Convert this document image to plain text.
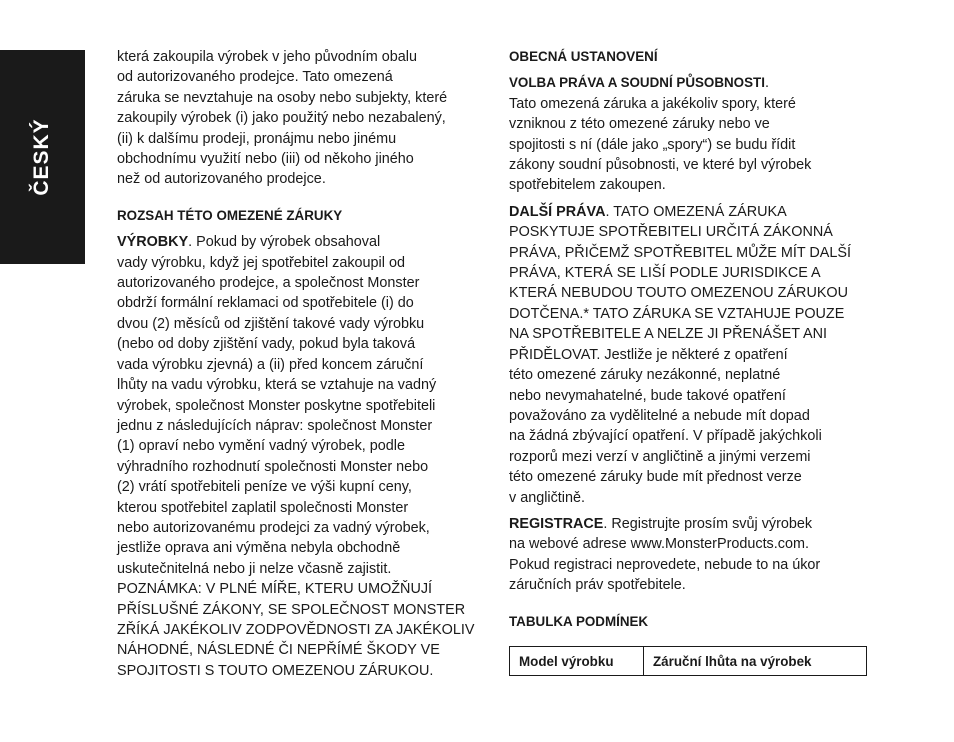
ČESKÝ

která zakoupila výrobek v jeho původním obalu
od autorizovaného prodejce. Tato omezená
záruka se nevztahuje na osoby nebo subjekty, které
zakoupily výrobek (i) jako použitý nebo nezabalený,
(ii) k dalšímu prodeji, pronájmu nebo jinému
obchodnímu využití nebo (iii) od někoho jiného
než od autorizovaného prodejce.

ROZSAH TÉTO OMEZENÉ ZÁRUKY

VÝROBKY. Pokud by výrobek obsahoval
vady výrobku, když jej spotřebitel zakoupil od
autorizovaného prodejce, a společnost Monster
obdrží formální reklamaci od spotřebitele (i) do
dvou (2) měsíců od zjištění takové vady výrobku
(nebo od doby zjištění vady, pokud byla taková
vada výrobku zjevná) a (ii) před koncem záruční
lhůty na vadu výrobku, která se vztahuje na vadný
výrobek, společnost Monster poskytne spotřebiteli
jednu z následujících náprav: společnost Monster
(1) opraví nebo vymění vadný výrobek, podle
výhradního rozhodnutí společnosti Monster nebo
(2) vrátí spotřebiteli peníze ve výši kupní ceny,
kterou spotřebitel zaplatil společnosti Monster
nebo autorizovanému prodejci za vadný výrobek,
jestliže oprava ani výměna nebyla obchodně
uskutečnitelná nebo ji nelze včasně zajistit.
POZNÁMKA: V PLNÉ MÍŘE, KTERU UMOŽŇUJÍ
PŘÍSLUŠNÉ ZÁKONY, SE SPOLEČNOST MONSTER
ZŘÍKÁ JAKÉKOLIV ZODPOVĚDNOSTI ZA JAKÉKOLIV
NÁHODNÉ, NÁSLEDNÉ ČI NEPŘÍMÉ ŠKODY VE
SPOJITOSTI S TOUTO OMEZENOU ZÁRUKOU.

OBECNÁ USTANOVENÍ

VOLBA PRÁVA A SOUDNÍ PŮSOBNOSTI.
Tato omezená záruka a jakékoliv spory, které
vzniknou z této omezené záruky nebo ve
spojitosti s ní (dále jako „spory“) se budu řídit
zákony soudní působnosti, ve které byl výrobek
spotřebitelem zakoupen.

DALŠÍ PRÁVA. TATO OMEZENÁ ZÁRUKA
POSKYTUJE SPOTŘEBITELI URČITÁ ZÁKONNÁ
PRÁVA, PŘIČEMŽ SPOTŘEBITEL MŮŽE MÍT DALŠÍ
PRÁVA, KTERÁ SE LIŠÍ PODLE JURISDIKCE A
KTERÁ NEBUDOU TOUTO OMEZENOU ZÁRUKOU
DOTČENA.* TATO ZÁRUKA SE VZTAHUJE POUZE
NA SPOTŘEBITELE A NELZE JI PŘENÁŠET ANI
PŘIDĚLOVAT. Jestliže je některé z opatření
této omezené záruky nezákonné, neplatné
nebo nevymahatelné, bude takové opatření
považováno za vydělitelné a nebude mít dopad
na žádná zbývající opatření. V případě jakýchkoli
rozporů mezi verzí v angličtině a jinými verzemi
této omezené záruky bude mít přednost verze
v angličtině.

REGISTRACE. Registrujte prosím svůj výrobek
na webové adrese www.MonsterProducts.com.
Pokud registraci neprovedete, nebude to na úkor
záručních práv spotřebitele.

TABULKA PODMÍNEK

Model výrobku	Záruční lhůta na výrobek
